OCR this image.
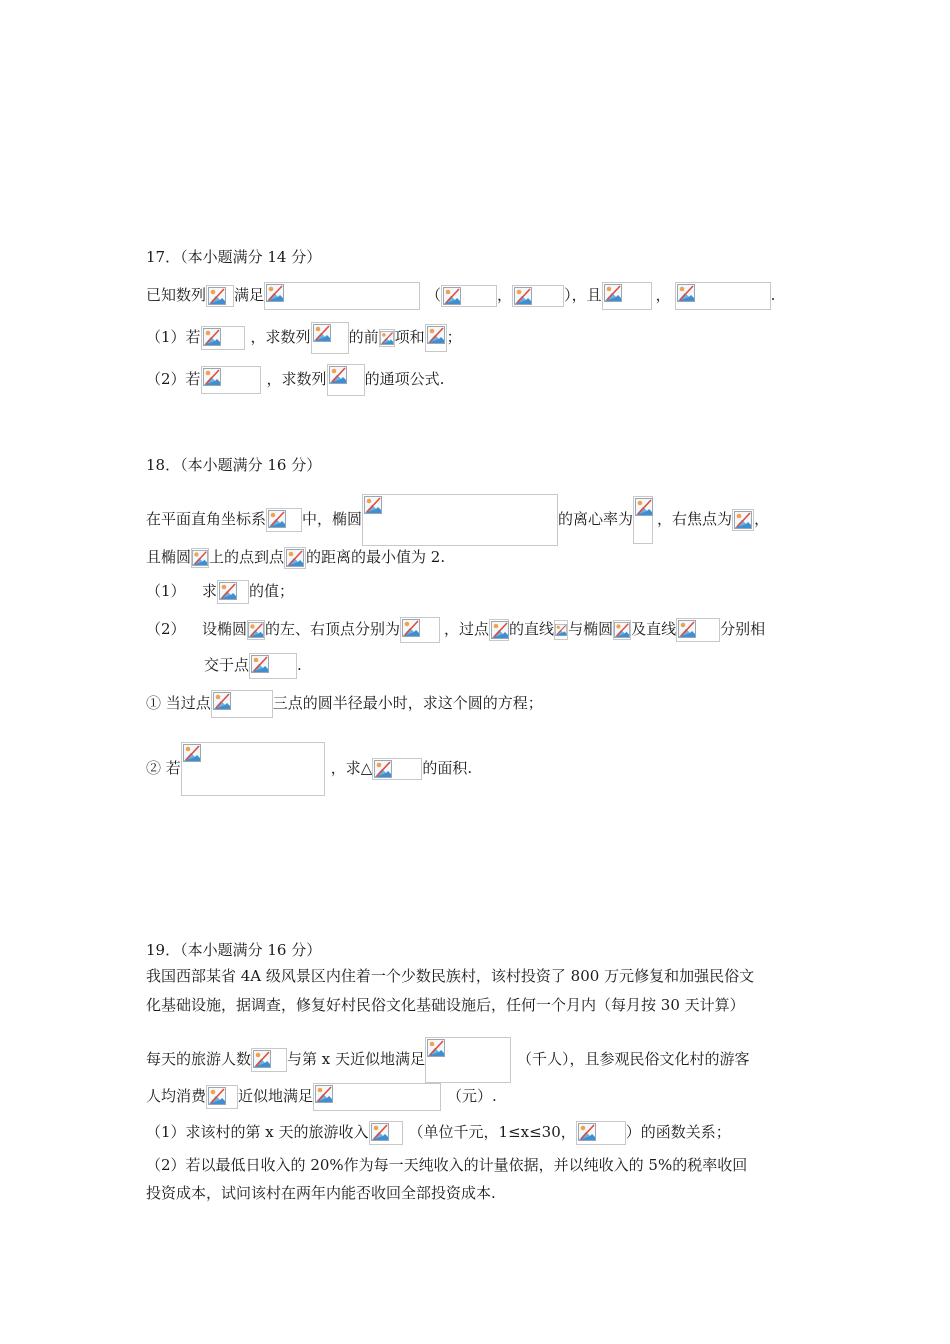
17．（本小题满分 14 分）
已知数列 满足	（	，	），且	，	.
（1）若	，求数列	的前 项和 ；
（2）若	，求数列	的通项公式.
18．（本小题满分 16 分）
在平面直角坐标系 中，椭圆	的离心率为 ，右焦点为 ，
且椭圆 上的点到点 的距离的最小值为 2.
（1） 求 的值；
（2） 设椭圆 的左、右顶点分别为	，过点 的直线 与椭圆 及直线	分别相
交于点	.
① 当过点	三点的圆半径最小时，求这个圆的方程；
② 若	，求△	的面积.
19．（本小题满分 16 分）
我国西部某省 4A 级风景区内住着一个少数民族村，该村投资了 800 万元修复和加强民俗文
化基础设施，据调查，修复好村民俗文化基础设施后，任何一个月内（每月按 30 天计算）
每天的旅游人数 与第 x 天近似地满足	（千人），且参观民俗文化村的游客
人均消费 近似地满足	（元）.
（1）求该村的第 x 天的旅游收入	（单位千元，1≤x≤30，	）的函数关系；
（2）若以最低日收入的 20%作为每一天纯收入的计量依据，并以纯收入的 5%的税率收回
投资成本，试问该村在两年内能否收回全部投资成本.
